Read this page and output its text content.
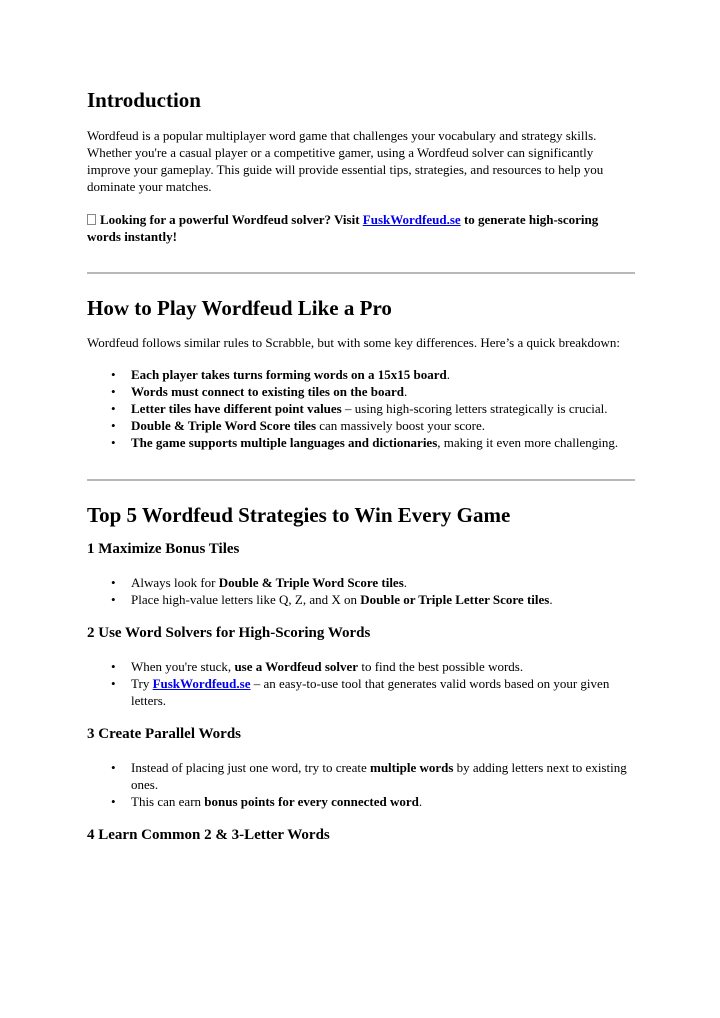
Introduction

Wordfeud is a popular multiplayer word game that challenges your vocabulary and strategy skills. Whether you're a casual player or a competitive gamer, using a Wordfeud solver can significantly improve your gameplay. This guide will provide essential tips, strategies, and resources to help you dominate your matches.

Looking for a powerful Wordfeud solver? Visit FuskWordfeud.se to generate high-scoring words instantly!

How to Play Wordfeud Like a Pro

Wordfeud follows similar rules to Scrabble, but with some key differences. Here’s a quick breakdown:

• Each player takes turns forming words on a 15x15 board.
• Words must connect to existing tiles on the board.
• Letter tiles have different point values – using high-scoring letters strategically is crucial.
• Double & Triple Word Score tiles can massively boost your score.
• The game supports multiple languages and dictionaries, making it even more challenging.
Top 5 Wordfeud Strategies to Win Every Game
1 Maximize Bonus Tiles
• Always look for Double & Triple Word Score tiles.
• Place high-value letters like Q, Z, and X on Double or Triple Letter Score tiles.
2 Use Word Solvers for High-Scoring Words
• When you're stuck, use a Wordfeud solver to find the best possible words.
• Try FuskWordfeud.se – an easy-to-use tool that generates valid words based on your given letters.
3 Create Parallel Words
• Instead of placing just one word, try to create multiple words by adding letters next to existing ones.
• This can earn bonus points for every connected word.
4 Learn Common 2 & 3-Letter Words
